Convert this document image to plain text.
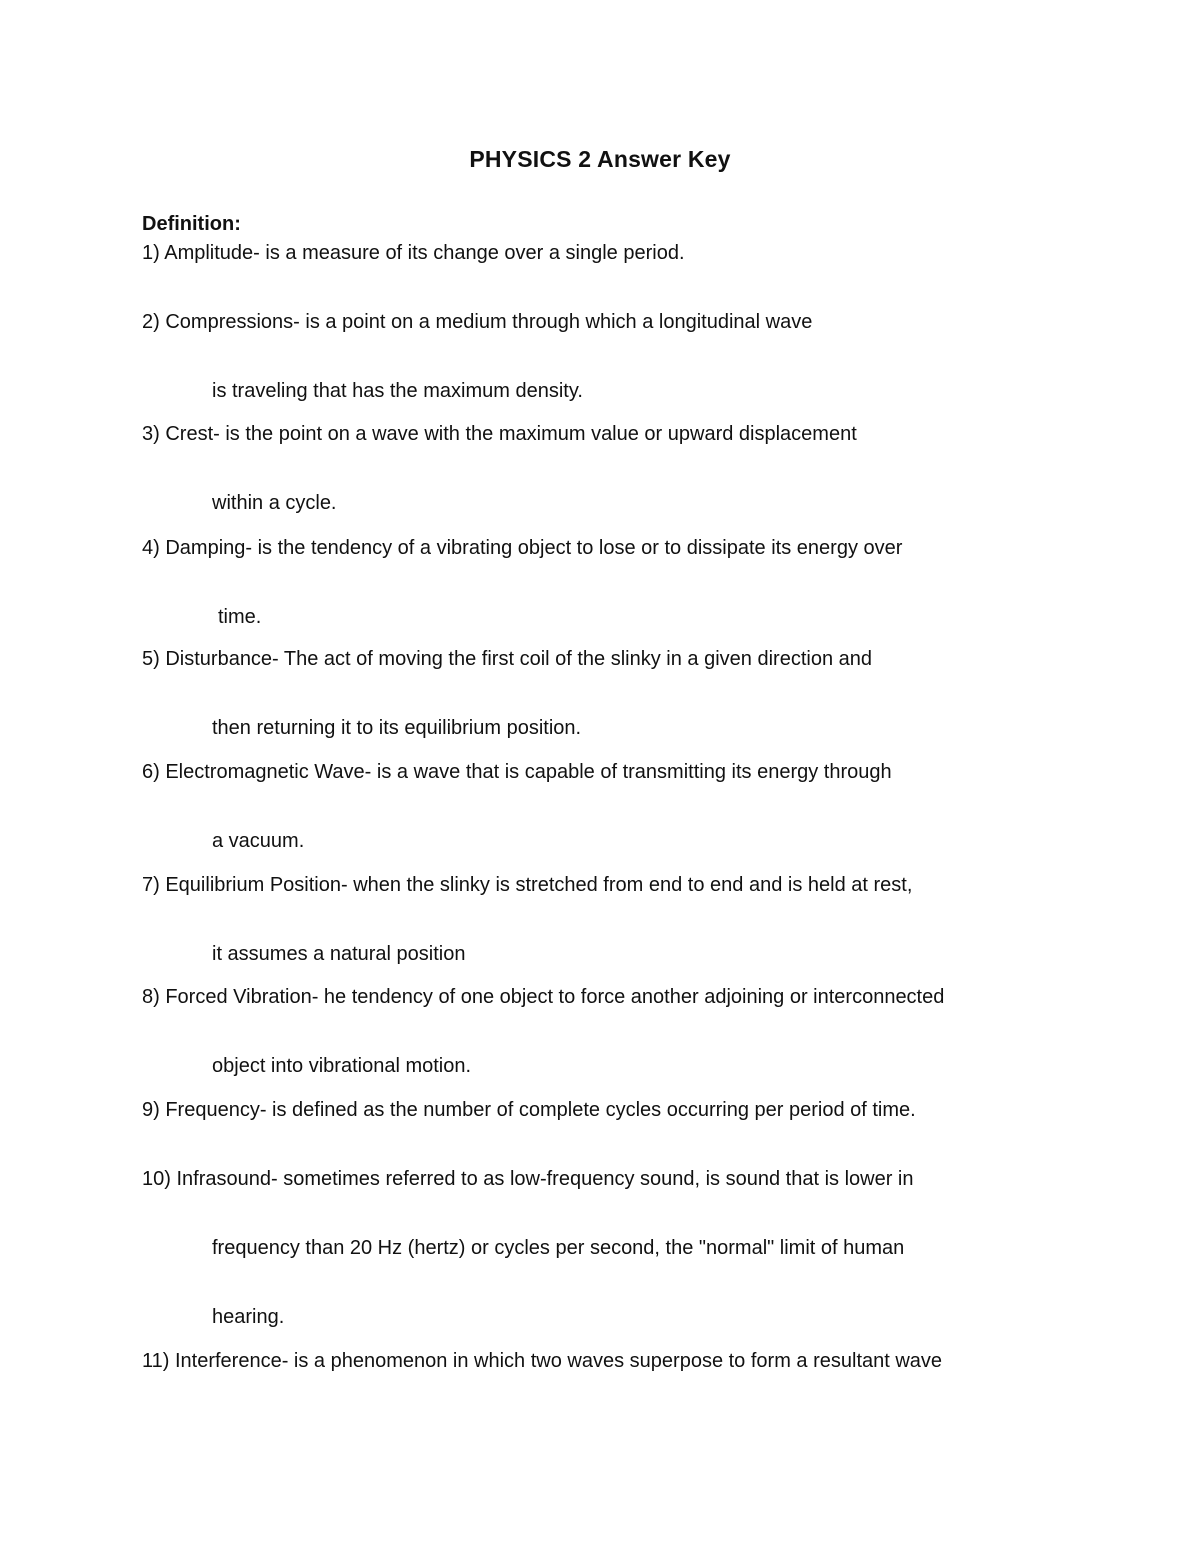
PHYSICS 2 Answer Key
Definition:
1) Amplitude- is a measure of its change over a single period.
2) Compressions- is a point on a medium through which a longitudinal wave
is traveling that has the maximum density.
3) Crest- is the point on a wave with the maximum value or upward displacement
within a cycle.
4) Damping- is the tendency of a vibrating object to lose or to dissipate its energy over
time.
5) Disturbance- The act of moving the first coil of the slinky in a given direction and
then returning it to its equilibrium position.
6) Electromagnetic Wave- is a wave that is capable of transmitting its energy through
a vacuum.
7) Equilibrium Position- when the slinky is stretched from end to end and is held at rest,
it assumes a natural position
8) Forced Vibration- he tendency of one object to force another adjoining or interconnected
object into vibrational motion.
9) Frequency- is defined as the number of complete cycles occurring per period of time.
10) Infrasound- sometimes referred to as low-frequency sound, is sound that is lower in
frequency than 20 Hz (hertz) or cycles per second, the "normal" limit of human
hearing.
11) Interference- is a phenomenon in which two waves superpose to form a resultant wave
